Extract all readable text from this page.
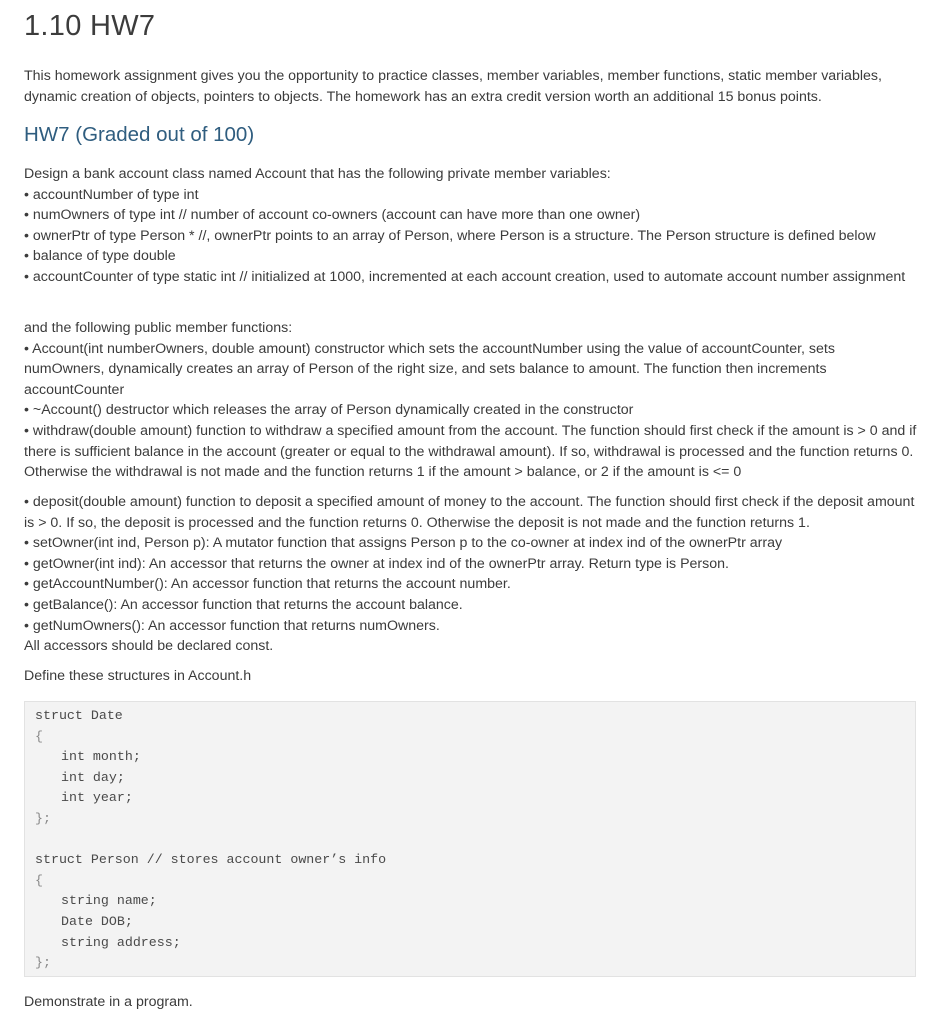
1.10 HW7
This homework assignment gives you the opportunity to practice classes, member variables, member functions, static member variables, dynamic creation of objects, pointers to objects. The homework has an extra credit version worth an additional 15 bonus points.
HW7 (Graded out of 100)

Design a bank account class named Account that has the following private member variables:

• accountNumber of type int

• numOwners of type int // number of account co-owners (account can have more than one owner)

• ownerPtr of type Person * //, ownerPtr points to an array of Person, where Person is a structure. The Person structure is defined below

• balance of type double

• accountCounter of type static int // initialized at 1000, incremented at each account creation, used to automate account number assignment

and the following public member functions:

• Account(int numberOwners, double amount) constructor which sets the accountNumber using the value of accountCounter, sets numOwners, dynamically creates an array of Person of the right size, and sets balance to amount. The function then increments accountCounter

• ~Account() destructor which releases the array of Person dynamically created in the constructor

• withdraw(double amount) function to withdraw a specified amount from the account. The function should first check if the amount is > 0 and if there is sufficient balance in the account (greater or equal to the withdrawal amount). If so, withdrawal is processed and the function returns 0. Otherwise the withdrawal is not made and the function returns 1 if the amount > balance, or 2 if the amount is <= 0

• deposit(double amount) function to deposit a specified amount of money to the account. The function should first check if the deposit amount is > 0. If so, the deposit is processed and the function returns 0. Otherwise the deposit is not made and the function returns 1.

• setOwner(int ind, Person p): A mutator function that assigns Person p to the co-owner at index ind of the ownerPtr array

• getOwner(int ind): An accessor that returns the owner at index ind of the ownerPtr array. Return type is Person.

• getAccountNumber(): An accessor function that returns the account number.

• getBalance(): An accessor function that returns the account balance.

• getNumOwners(): An accessor function that returns numOwners.

All accessors should be declared const.

Define these structures in Account.h
struct Date
{
int month;
int day;
int year;
};
struct Person // stores account owner’s info
{
string name;
Date DOB;
string address;
};
Demonstrate in a program.
